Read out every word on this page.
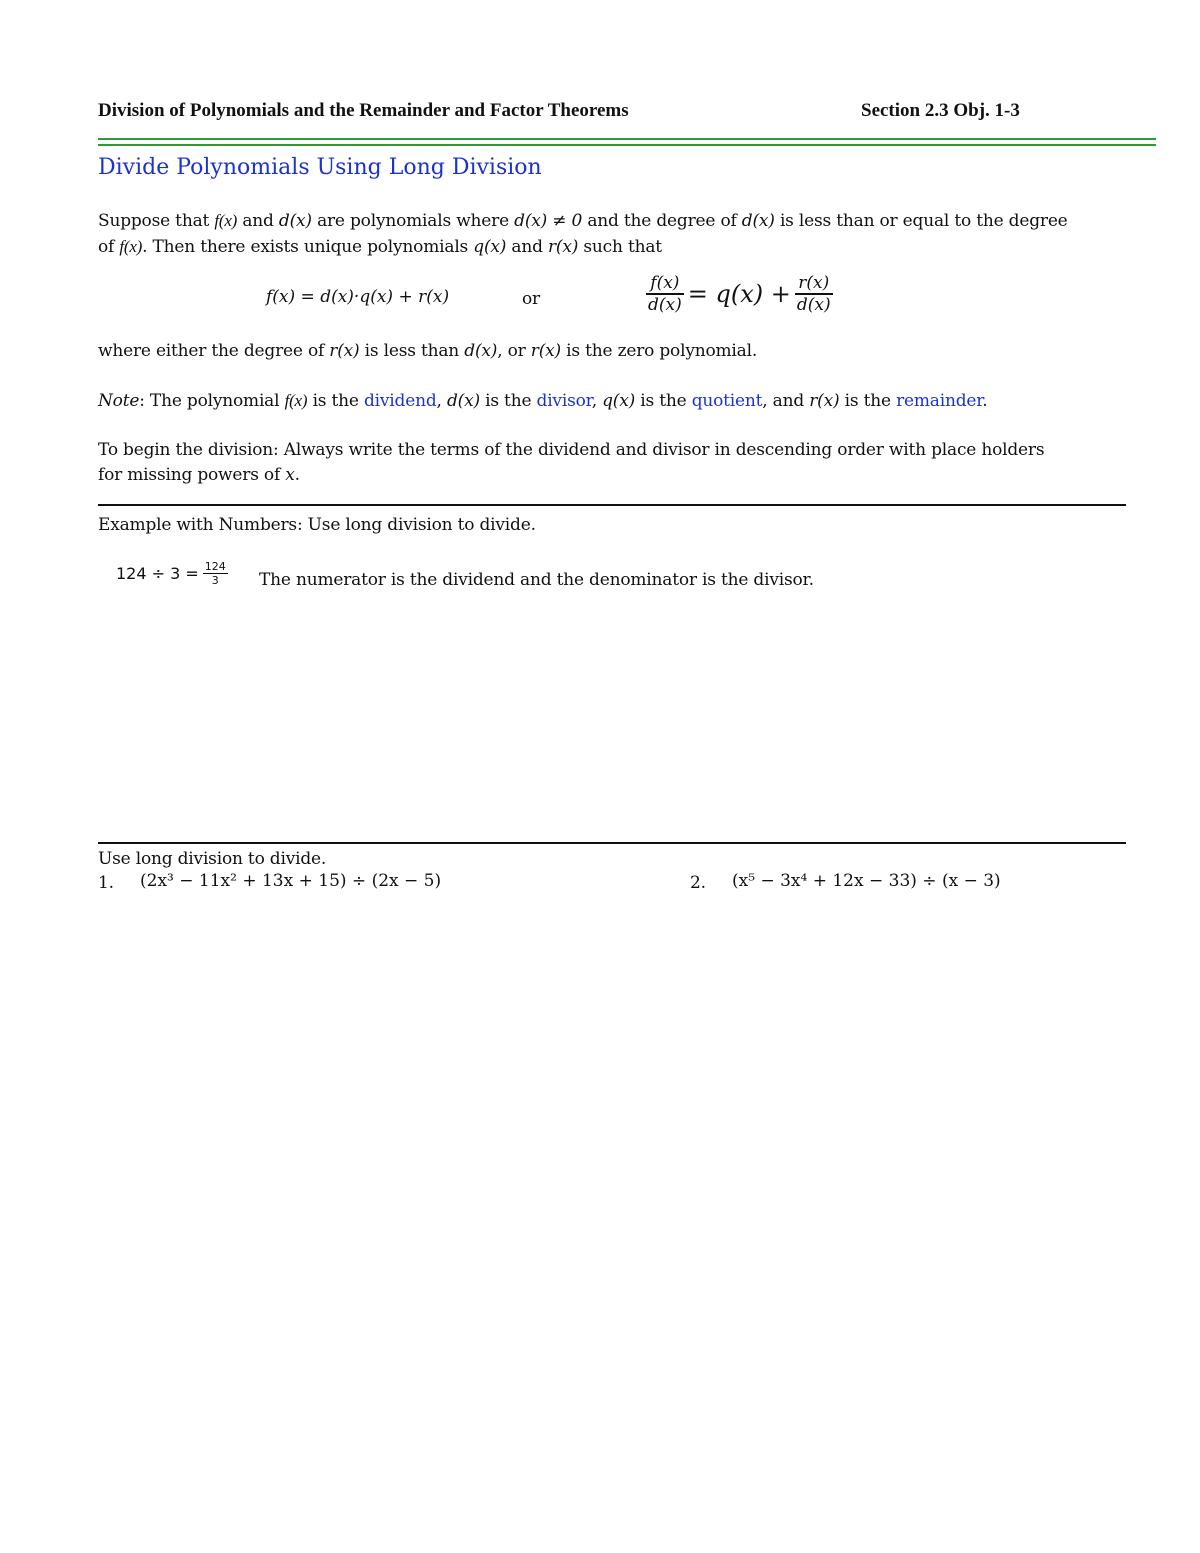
Division of Polynomials and the Remainder and Factor Theorems	Section 2.3 Obj. 1-3
Divide Polynomials Using Long Division
Suppose that f(x) and d(x) are polynomials where d(x) ≠ 0 and the degree of d(x) is less than or equal to the degree
of f(x). Then there exists unique polynomials q(x) and r(x) such that
f(x) = d(x)·q(x) + r(x)	or	$\frac{f(x)}{d(x)} = q(x) + \frac{r(x)}{d(x)}$
where either the degree of r(x) is less than d(x), or r(x) is the zero polynomial.
Note: The polynomial f(x) is the dividend, d(x) is the divisor, q(x) is the quotient, and r(x) is the remainder.
To begin the division: Always write the terms of the dividend and divisor in descending order with place holders
for missing powers of x.
Example with Numbers: Use long division to divide.
$124 \div 3 = \frac{124}{3}$ The numerator is the dividend and the denominator is the divisor.
Use long division to divide.
1. (2x³ − 11x² + 13x + 15) ÷ (2x − 5)	2. (x⁵ − 3x⁴ + 12x − 33) ÷ (x − 3)
